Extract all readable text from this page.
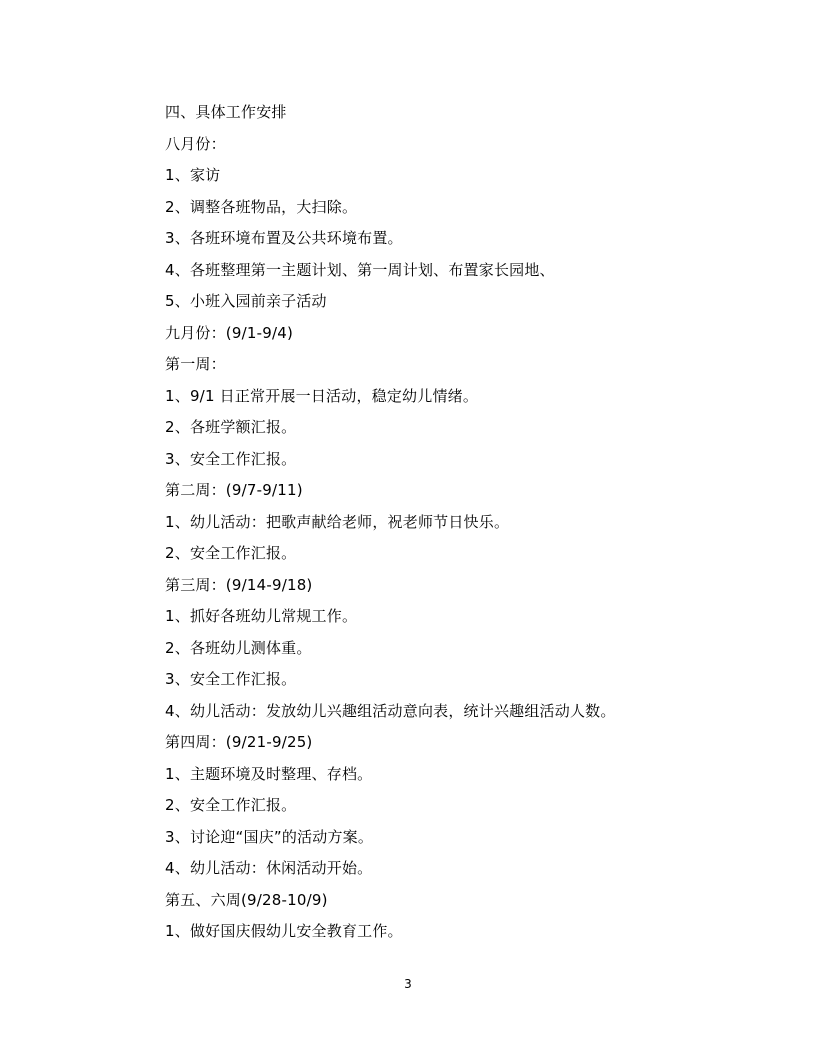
四、具体工作安排
八月份：
1、家访
2、调整各班物品，大扫除。
3、各班环境布置及公共环境布置。
4、各班整理第一主题计划、第一周计划、布置家长园地、
5、小班入园前亲子活动
九月份：(9/1-9/4)
第一周：
1、9/1 日正常开展一日活动，稳定幼儿情绪。
2、各班学额汇报。
3、安全工作汇报。
第二周：(9/7-9/11)
1、幼儿活动：把歌声献给老师，祝老师节日快乐。
2、安全工作汇报。
第三周：(9/14-9/18)
1、抓好各班幼儿常规工作。
2、各班幼儿测体重。
3、安全工作汇报。
4、幼儿活动：发放幼儿兴趣组活动意向表，统计兴趣组活动人数。
第四周：(9/21-9/25)
1、主题环境及时整理、存档。
2、安全工作汇报。
3、讨论迎“国庆”的活动方案。
4、幼儿活动：休闲活动开始。
第五、六周(9/28-10/9)
1、做好国庆假幼儿安全教育工作。
3
